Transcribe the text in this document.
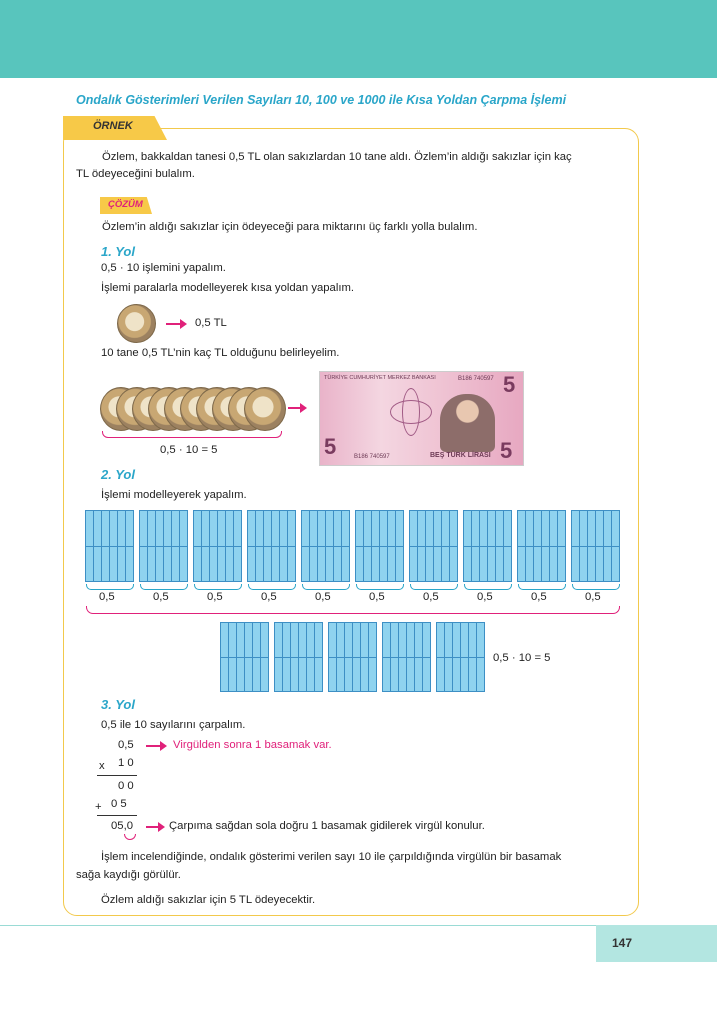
Ondalık Gösterimleri Verilen Sayıları 10, 100 ve 1000 ile Kısa Yoldan Çarpma İşlemi
ÖRNEK
Özlem, bakkaldan tanesi 0,5 TL olan sakızlardan 10 tane aldı. Özlem’in aldığı sakızlar için kaç
TL ödeyeceğini bulalım.
ÇÖZÜM
Özlem’in aldığı sakızlar için ödeyeceği para miktarını üç farklı yolla bulalım.
1. Yol
0,5 · 10 işlemini yapalım.
İşlemi paralarla modelleyerek kısa yoldan yapalım.
0,5 TL
10 tane 0,5 TL’nin kaç TL olduğunu belirleyelim.
0,5 · 10 = 5
TÜRKİYE CUMHURİYET MERKEZ BANKASI	B186 740597 5
5	B186 740597	BEŞ TÜRK LİRASI 5
2. Yol
İşlemi modelleyerek yapalım.
0,5	0,5	0,5	0,5	0,5	0,5	0,5	0,5	0,5	0,5
0,5 · 10 = 5
3. Yol
0,5 ile 10 sayılarını çarpalım.
0,5	Virgülden sonra 1 basamak var.
x 1 0
0 0
+ 0 5
05,0	Çarpıma sağdan sola doğru 1 basamak gidilerek virgül konulur.
İşlem incelendiğinde, ondalık gösterimi verilen sayı 10 ile çarpıldığında virgülün bir basamak
sağa kaydığı görülür.
Özlem aldığı sakızlar için 5 TL ödeyecektir.
147
